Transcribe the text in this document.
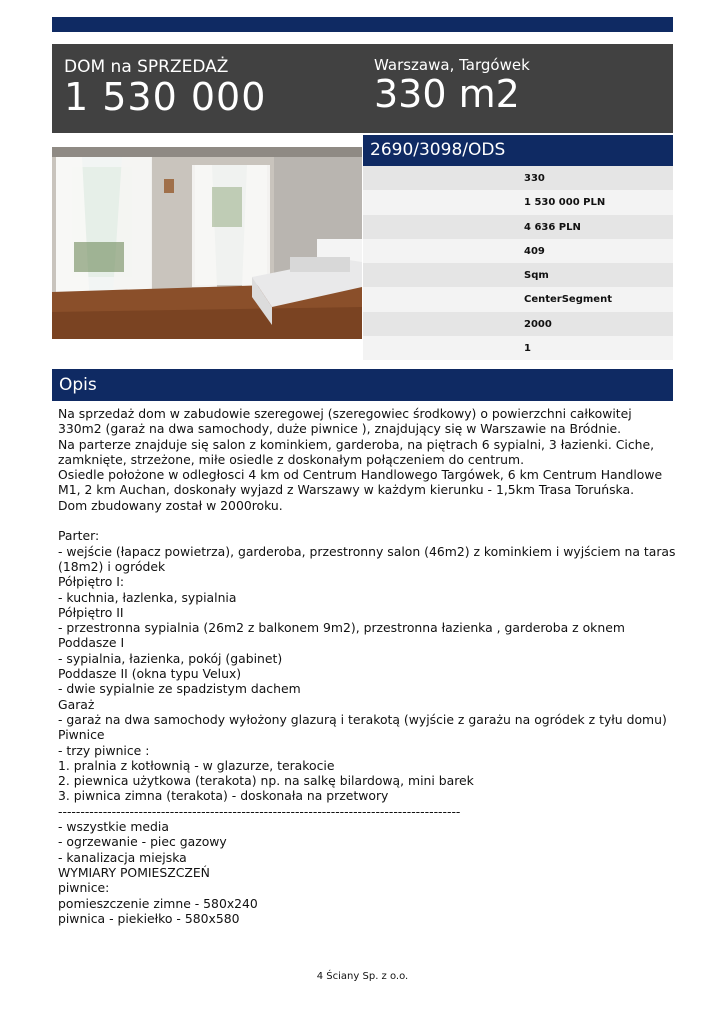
DOM na SPRZEDAŻ
1 530 000
Warszawa, Targówek
330 m2
2690/3098/ODS
330
1 530 000 PLN
4 636 PLN
409
Sqm
CenterSegment
2000
1
Opis
Na sprzedaż dom w zabudowie szeregowej (szeregowiec środkowy) o powierzchni całkowitej
330m2 (garaż na dwa samochody, duże piwnice ), znajdujący się w Warszawie na Bródnie.
Na parterze znajduje się salon z kominkiem, garderoba, na piętrach 6 sypialni, 3 łazienki. Ciche,
zamknięte, strzeżone, miłe osiedle z doskonałym połączeniem do centrum.
Osiedle położone w odległosci 4 km od Centrum Handlowego Targówek, 6 km Centrum Handlowe
M1, 2 km Auchan, doskonały wyjazd z Warszawy w każdym kierunku - 1,5km Trasa Toruńska.
Dom zbudowany został w 2000roku.
Parter:
- wejście (łapacz powietrza), garderoba, przestronny salon (46m2) z kominkiem i wyjściem na taras
(18m2) i ogródek
Półpiętro I:
- kuchnia, łazlenka, sypialnia
Półpiętro II
- przestronna sypialnia (26m2 z balkonem 9m2), przestronna łazienka , garderoba z oknem
Poddasze I
- sypialnia, łazienka, pokój (gabinet)
Poddasze II (okna typu Velux)
- dwie sypialnie ze spadzistym dachem
Garaż
- garaż na dwa samochody wyłożony glazurą i terakotą (wyjście z garażu na ogródek z tyłu domu)
Piwnice
- trzy piwnice :
1. pralnia z kotłownią - w glazurze, terakocie
2. piewnica użytkowa (terakota) np. na salkę bilardową, mini barek
3. piwnica zimna (terakota) - doskonała na przetwory
------------------------------------------------------------------------------------------
- wszystkie media
- ogrzewanie - piec gazowy
- kanalizacja miejska
WYMIARY POMIESZCZEŃ
piwnice:
pomieszczenie zimne - 580x240
piwnica - piekiełko - 580x580
4 Ściany Sp. z o.o.
